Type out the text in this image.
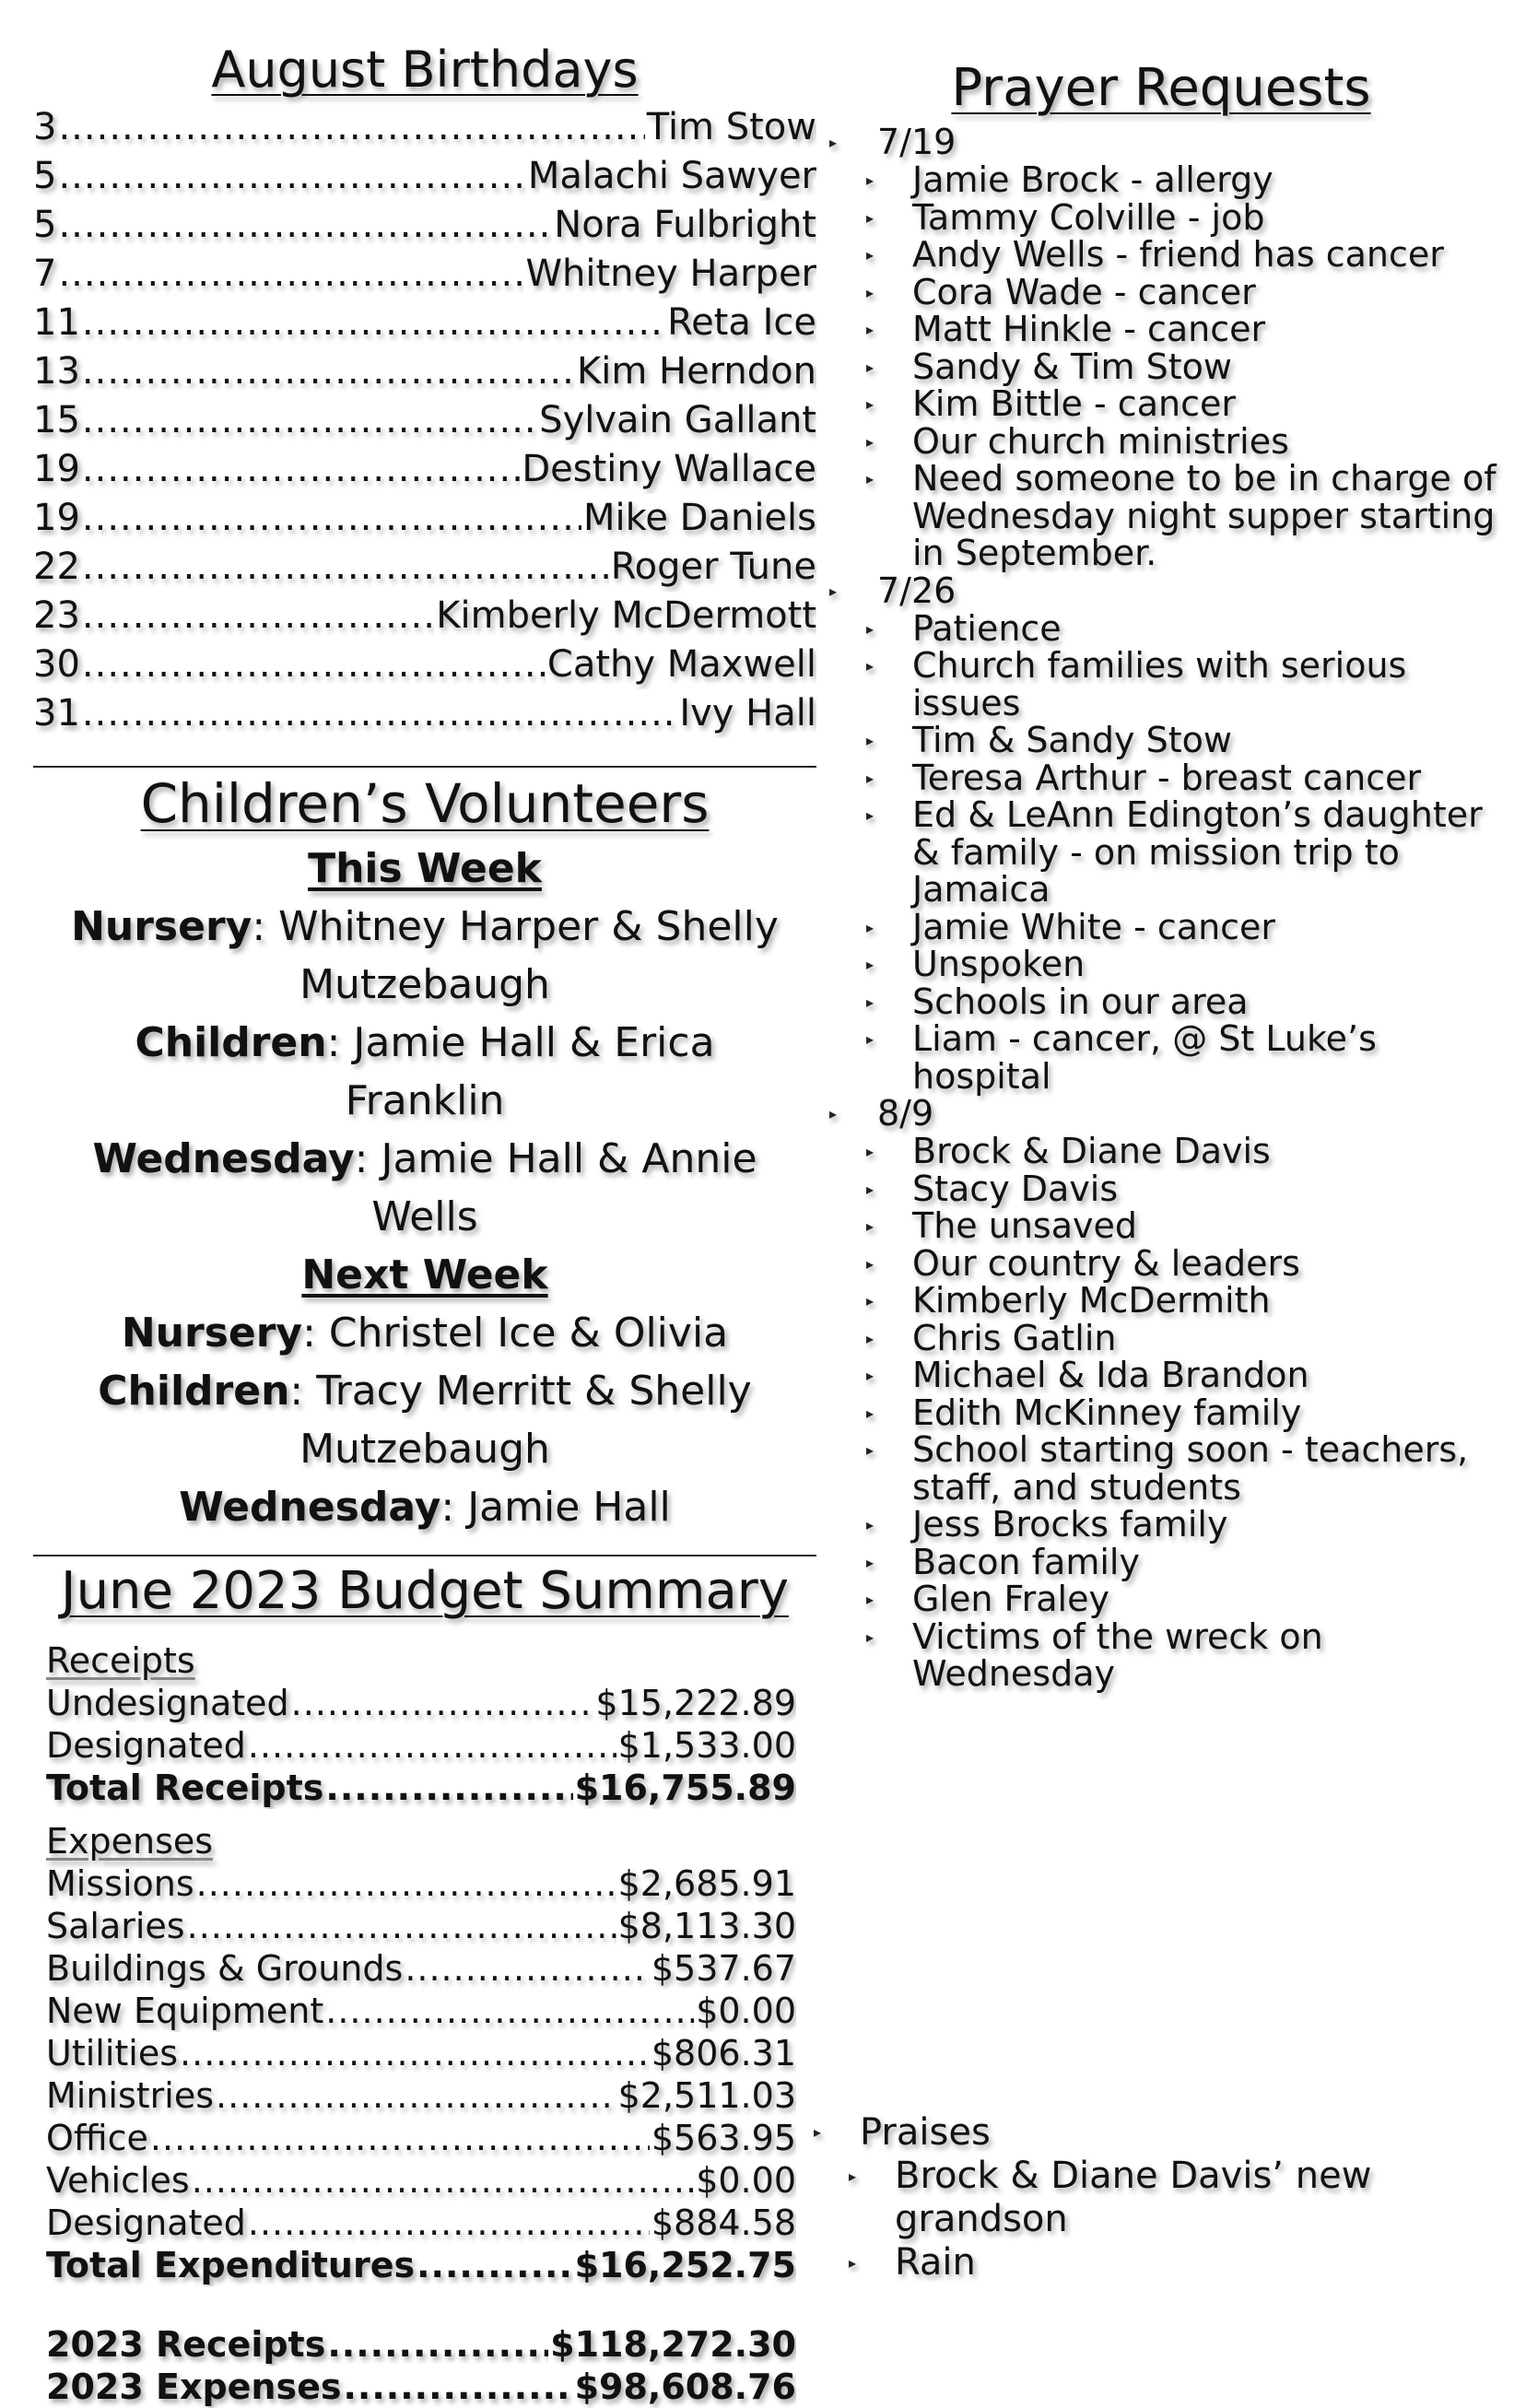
August Birthdays
3 .....	Tim Stow
5 .....	Malachi Sawyer
5 .....	Nora Fulbright
7 .....	Whitney Harper
11 .....	Reta Ice
13 .....	Kim Herndon
15 .....	Sylvain Gallant
19 .....	Destiny Wallace
19 .....	Mike Daniels
22 .....	Roger Tune
23 .....	Kimberly McDermott
30 .....	Cathy Maxwell
31 .....	Ivy Hall
Children’s Volunteers
This Week
Nursery: Whitney Harper & Shelly Mutzebaugh
Children: Jamie Hall & Erica Franklin
Wednesday: Jamie Hall & Annie Wells
Next Week
Nursery: Christel Ice & Olivia
Children: Tracy Merritt & Shelly Mutzebaugh
Wednesday: Jamie Hall
June 2023 Budget Summary
Receipts
Undesignated .....	$15,222.89
Designated .....	$1,533.00
Total Receipts .....	$16,755.89
Expenses
Missions .....	$2,685.91
Salaries .....	$8,113.30
Buildings & Grounds .....	$537.67
New Equipment .....	$0.00
Utilities .....	$806.31
Ministries .....	$2,511.03
Office .....	$563.95
Vehicles .....	$0.00
Designated .....	$884.58
Total Expenditures .....	$16,252.75
2023 Receipts .....	$118,272.30
2023 Expenses .....	$98,608.76
Prayer Requests
▸ 7/19
▸ Jamie Brock - allergy
▸ Tammy Colville - job
▸ Andy Wells - friend has cancer
▸ Cora Wade - cancer
▸ Matt Hinkle - cancer
▸ Sandy & Tim Stow
▸ Kim Bittle - cancer
▸ Our church ministries
▸ Need someone to be in charge of Wednesday night supper starting in September.
▸ 7/26
▸ Patience
▸ Church families with serious issues
▸ Tim & Sandy Stow
▸ Teresa Arthur - breast cancer
▸ Ed & LeAnn Edington’s daughter & family - on mission trip to Jamaica
▸ Jamie White - cancer
▸ Unspoken
▸ Schools in our area
▸ Liam - cancer, @ St Luke’s hospital
▸ 8/9
▸ Brock & Diane Davis
▸ Stacy Davis
▸ The unsaved
▸ Our country & leaders
▸ Kimberly McDermith
▸ Chris Gatlin
▸ Michael & Ida Brandon
▸ Edith McKinney family
▸ School starting soon - teachers, staff, and students
▸ Jess Brocks family
▸ Bacon family
▸ Glen Fraley
▸ Victims of the wreck on Wednesday
▸ Praises
▸ Brock & Diane Davis’ new grandson
▸ Rain
